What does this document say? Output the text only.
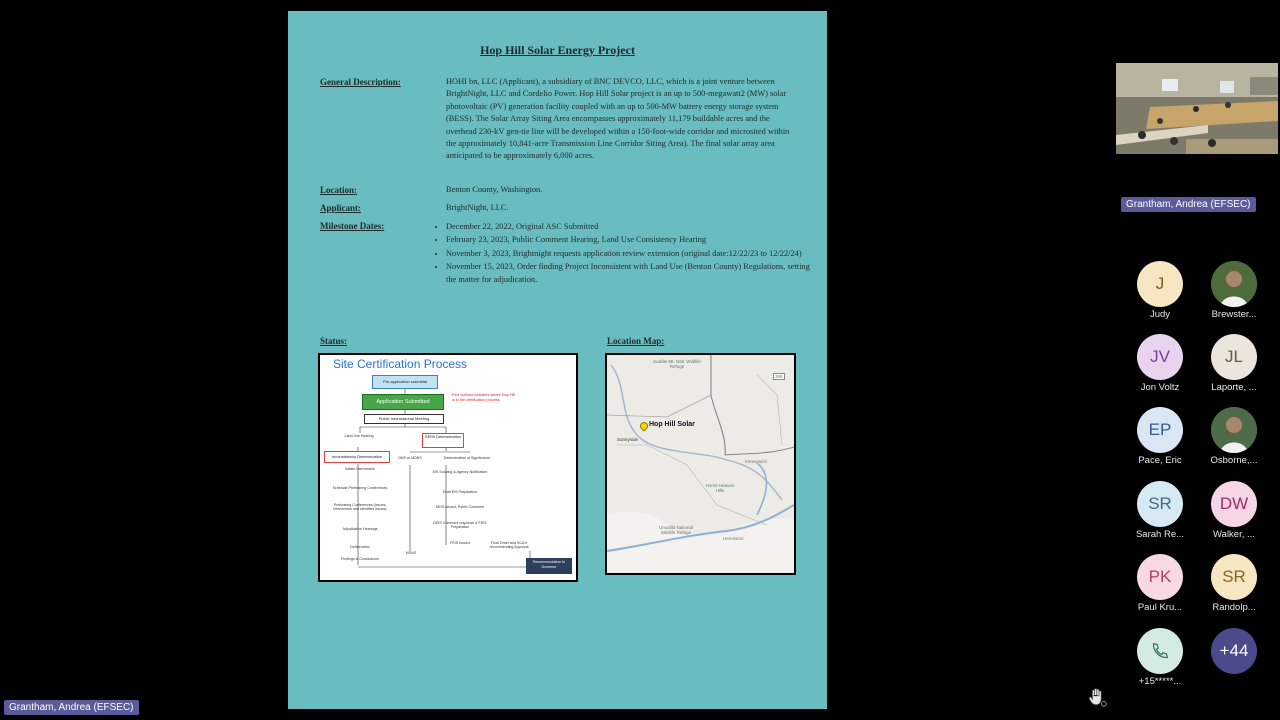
Hop Hill Solar Energy Project
General Description:	HOHI bn, LLC (Applicant), a subsidiary of BNC DEVCO, LLC, which is a joint venture between BrightNight, LLC and Cordelio Power. Hop Hill Solar project is an up to 500-megawatt2 (MW) solar photovoltaic (PV) generation facility coupled with an up to 500-MW battery energy storage system (BESS). The Solar Array Siting Area encompasses approximately 11,179 buildable acres and the overhead 230-kV gen-tie line will be developed within a 150-foot-wide corridor and microsited within the approximately 10,841-acre Transmission Line Corridor Siting Area). The final solar array area anticipated to be approximately 6,000 acres.
Location:	Benton County, Washington.
Applicant:	BrightNight, LLC.
Milestone Dates:
•	December 22, 2022, Original ASC Submitted
• February 23, 2023, Public Comment Hearing, Land Use Consistency Hearing
• November 3, 2023, Brightnight requests application review extension (original date:12/22/23 to 12/22/24)
• November 15, 2023, Order finding Project Inconsistent with Land Use (Benton County) Regulations, setting the matter for adjudication.
Status:	Location Map:
Site Certification Process
Pre-application submittal
Application Submitted
Red outlined indicates where Hop Hill is in the certification process
Public Informational Meeting
Land Use Hearing	SEPA Determination
Inconsistency Determination	DNS or MDNS	Determination of Significance
Initiate Intervention
Schedule Prehearing Conferences
Prehearing Conferences (Issues, intervention and identifies issues)
Adjudicative Hearings
Deliberation
Findings & Conclusions
EIS Scoping & Agency Notification
Draft EIS Preparation
DEIS Issued, Public Comment
DEIS Comment response & FEIS Preparation
FEIS Issued
MDNS
Final Order and SCA if recommending Approval
Recommendation to Governor
Saddle Mt. Natl. Wildlife Refuge
395
Hop Hill Solar
Sunnyside
Kennewick
Horse Heaven Hills
Umatilla National Wildlife Refuge
Hermiston
Grantham, Andrea (EFSEC)
J
Judy	Brewster...
JV
Jon Voltz
JL
Laporte, ...
EP
Pace, Eric	Osborne,...
SR
Sarah Re...
DW
Walker, ...
PK
Paul Kru...
SR
Randolp...
+15*****...
+44
Grantham, Andrea (EFSEC)
